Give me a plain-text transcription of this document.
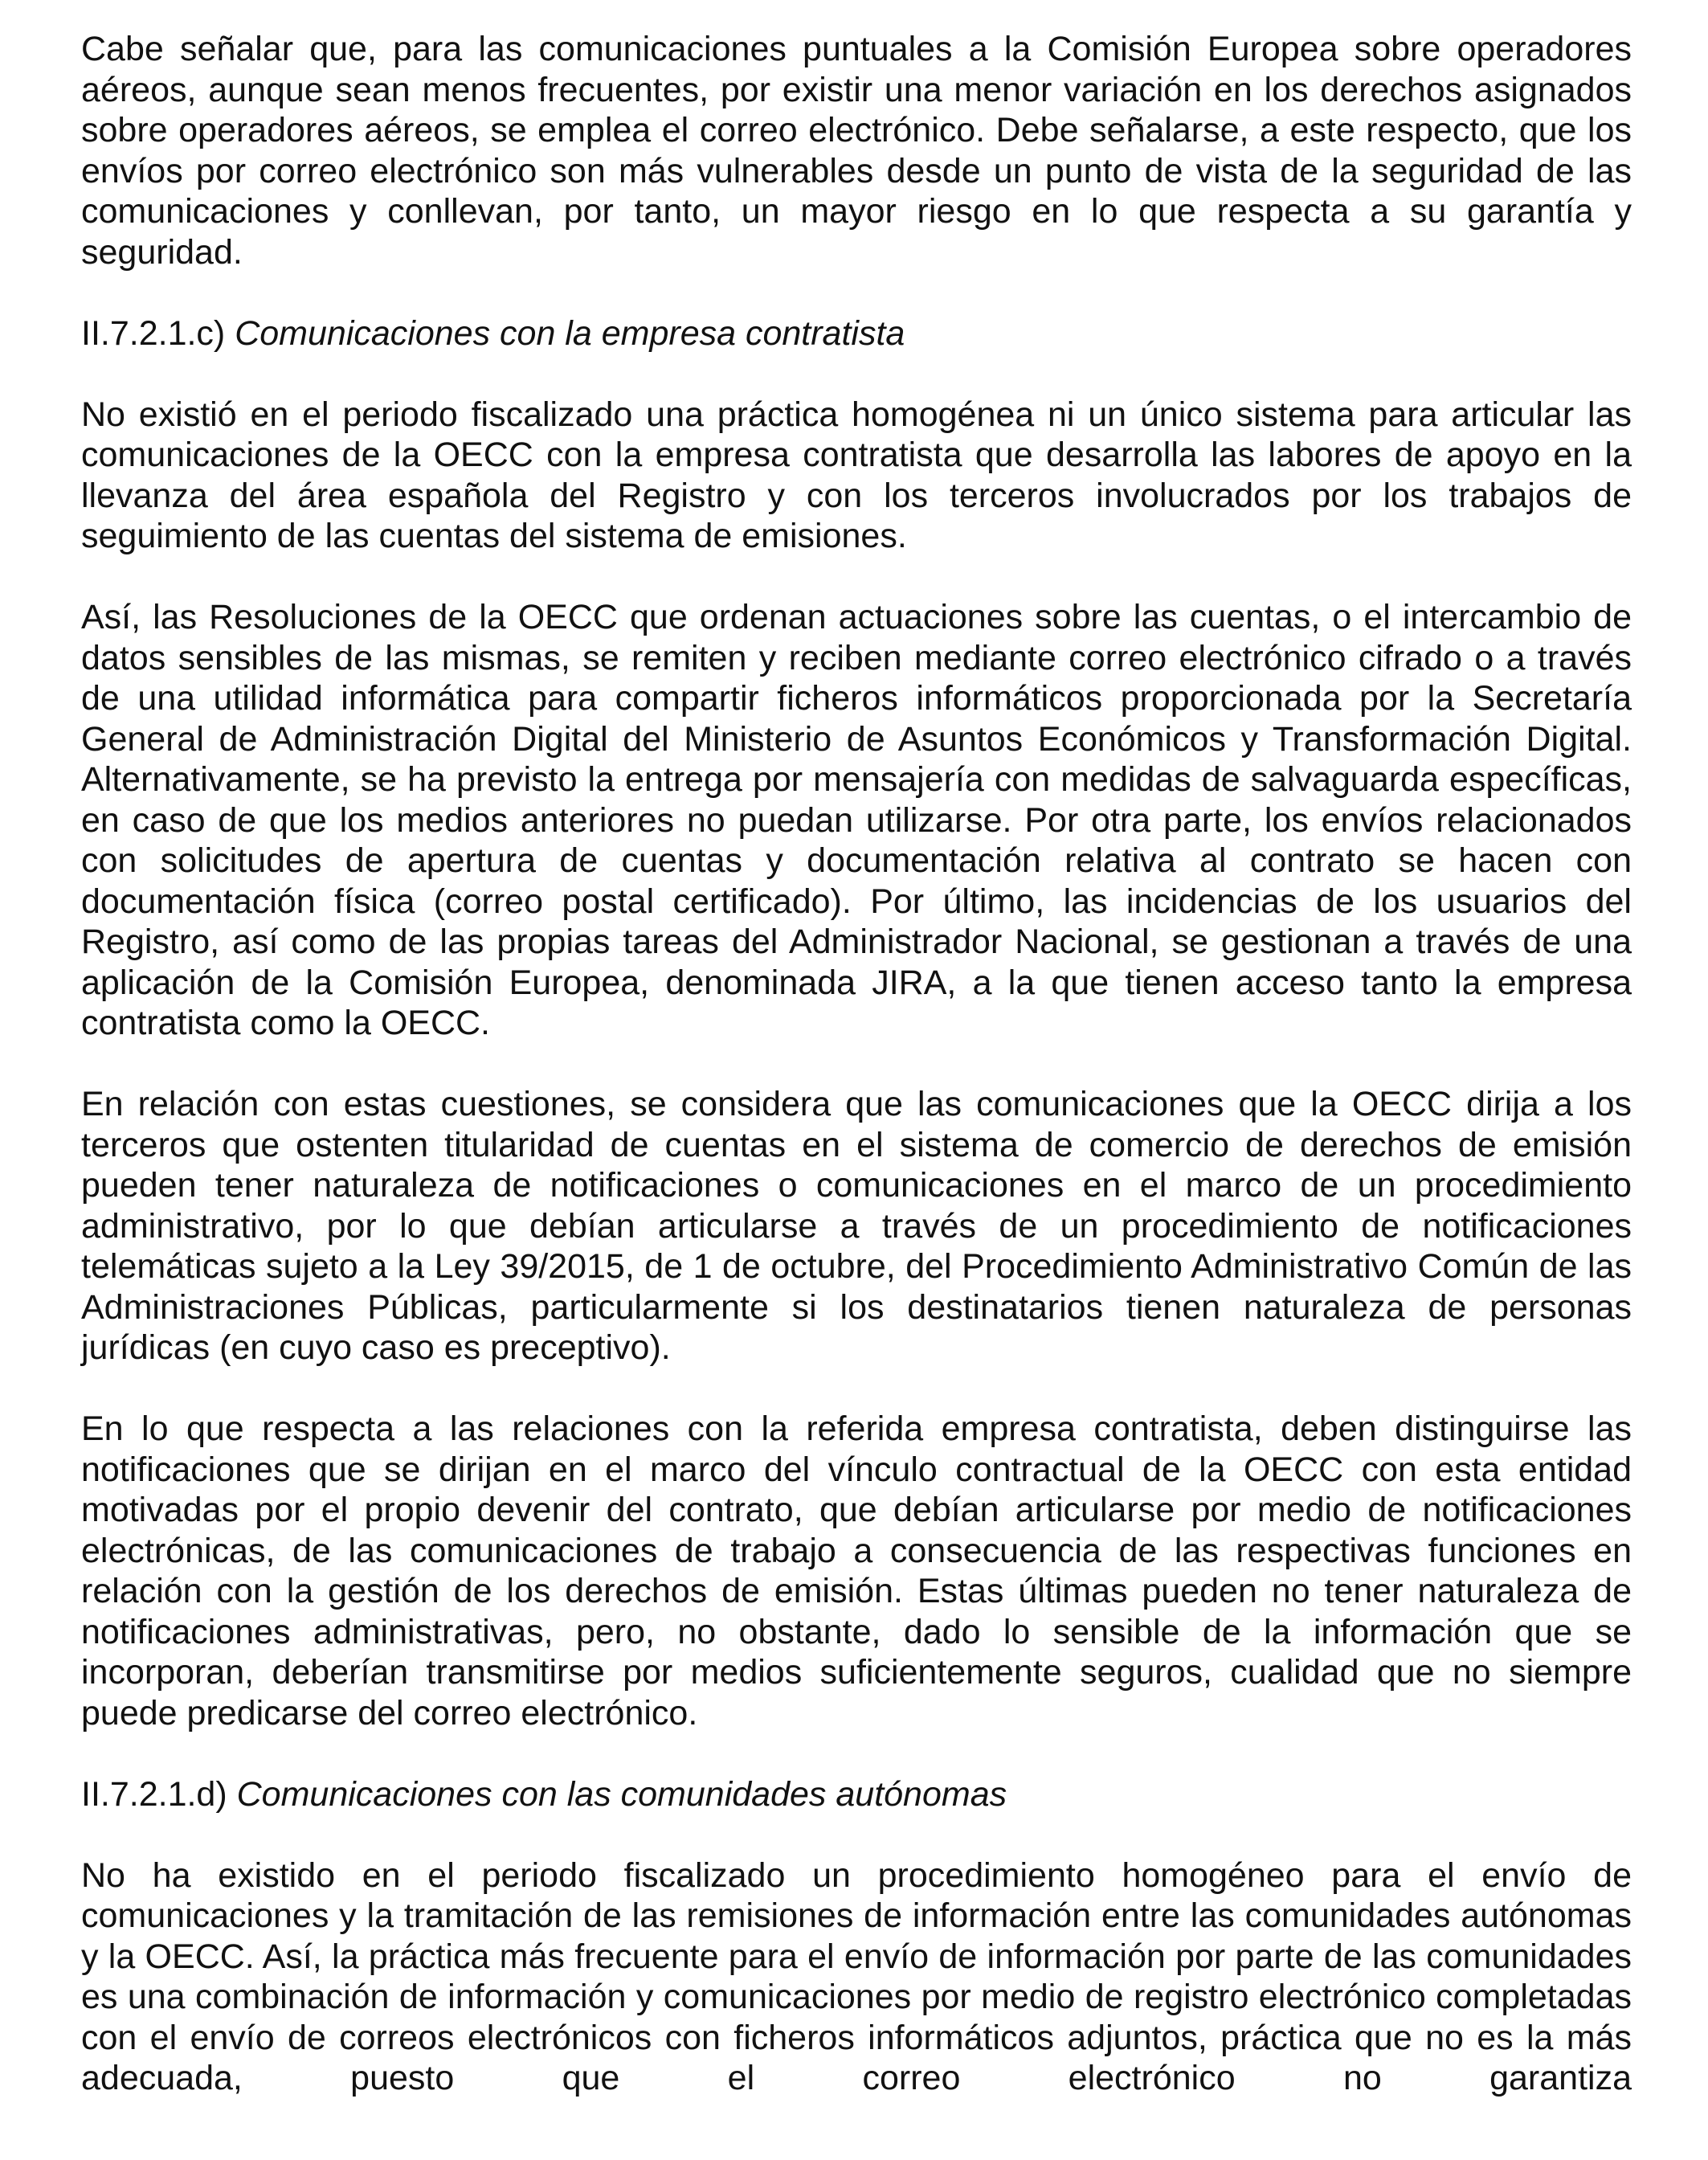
Cabe señalar que, para las comunicaciones puntuales a la Comisión Europea sobre operadores aéreos, aunque sean menos frecuentes, por existir una menor variación en los derechos asignados sobre operadores aéreos, se emplea el correo electrónico. Debe señalarse, a este respecto, que los envíos por correo electrónico son más vulnerables desde un punto de vista de la seguridad de las comunicaciones y conllevan, por tanto, un mayor riesgo en lo que respecta a su garantía y seguridad.

II.7.2.1.c) Comunicaciones con la empresa contratista

No existió en el periodo fiscalizado una práctica homogénea ni un único sistema para articular las comunicaciones de la OECC con la empresa contratista que desarrolla las labores de apoyo en la llevanza del área española del Registro y con los terceros involucrados por los trabajos de seguimiento de las cuentas del sistema de emisiones.

Así, las Resoluciones de la OECC que ordenan actuaciones sobre las cuentas, o el intercambio de datos sensibles de las mismas, se remiten y reciben mediante correo electrónico cifrado o a través de una utilidad informática para compartir ficheros informáticos proporcionada por la Secretaría General de Administración Digital del Ministerio de Asuntos Económicos y Transformación Digital. Alternativamente, se ha previsto la entrega por mensajería con medidas de salvaguarda específicas, en caso de que los medios anteriores no puedan utilizarse. Por otra parte, los envíos relacionados con solicitudes de apertura de cuentas y documentación relativa al contrato se hacen con documentación física (correo postal certificado). Por último, las incidencias de los usuarios del Registro, así como de las propias tareas del Administrador Nacional, se gestionan a través de una aplicación de la Comisión Europea, denominada JIRA, a la que tienen acceso tanto la empresa contratista como la OECC.

En relación con estas cuestiones, se considera que las comunicaciones que la OECC dirija a los terceros que ostenten titularidad de cuentas en el sistema de comercio de derechos de emisión pueden tener naturaleza de notificaciones o comunicaciones en el marco de un procedimiento administrativo, por lo que debían articularse a través de un procedimiento de notificaciones telemáticas sujeto a la Ley 39/2015, de 1 de octubre, del Procedimiento Administrativo Común de las Administraciones Públicas, particularmente si los destinatarios tienen naturaleza de personas jurídicas (en cuyo caso es preceptivo).

En lo que respecta a las relaciones con la referida empresa contratista, deben distinguirse las notificaciones que se dirijan en el marco del vínculo contractual de la OECC con esta entidad motivadas por el propio devenir del contrato, que debían articularse por medio de notificaciones electrónicas, de las comunicaciones de trabajo a consecuencia de las respectivas funciones en relación con la gestión de los derechos de emisión. Estas últimas pueden no tener naturaleza de notificaciones administrativas, pero, no obstante, dado lo sensible de la información que se incorporan, deberían transmitirse por medios suficientemente seguros, cualidad que no siempre puede predicarse del correo electrónico.

II.7.2.1.d) Comunicaciones con las comunidades autónomas

No ha existido en el periodo fiscalizado un procedimiento homogéneo para el envío de comunicaciones y la tramitación de las remisiones de información entre las comunidades autónomas y la OECC. Así, la práctica más frecuente para el envío de información por parte de las comunidades es una combinación de información y comunicaciones por medio de registro electrónico completadas con el envío de correos electrónicos con ficheros informáticos adjuntos, práctica que no es la más adecuada, puesto que el correo electrónico no garantiza
